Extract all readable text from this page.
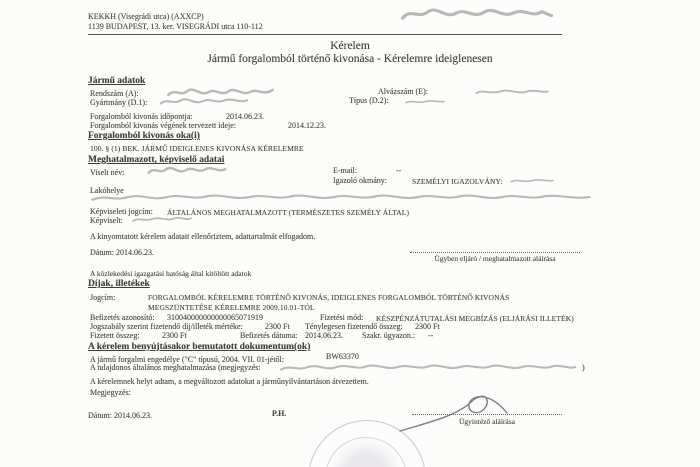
KEKKH (Visegrádi utca) (AXXCP)
1139 BUDAPEST, 13. ker. VISEGRÁDI utca 110-112
Kérelem
Jármű forgalomból történő kivonása - Kérelemre ideiglenesen
Jármű adatok
Rendszám (A):	Alvázszám (E):
Gyártmány (D.1):	Típus (D.2):
Forgalomból kivonás időpontja:	2014.06.23.
Forgalomból kivonás végének tervezett ideje:	2014.12.23.
Forgalomból kivonás oka(i)
100. § (1) BEK. JÁRMŰ IDEIGLENES KIVONÁSA KÉRELEMRE
Meghatalmazott, képviselő adatai
Viselt név:	E-mail:	--
Igazoló okmány:	SZEMÉLYI IGAZOLVÁNY:
Lakóhelye
Képviseleti jogcím: ÁLTALÁNOS MEGHATALMAZOTT (TERMÉSZETES SZEMÉLY ÁLTAL)
Képviselt:
A kinyomtatott kérelem adatait ellenőriztem, adattartalmát elfogadom.
Dátum: 2014.06.23.
Ügyben eljáró / meghatalmazott aláírása
A közlekedési igazgatási hatóság által kitöltött adatok
Díjak, illetékek
Jogcím:	FORGALOMBÓL KÉRELEMRE TÖRTÉNŐ KIVONÁS, IDEIGLENES FORGALOMBÓL TÖRTÉNŐ KIVONÁS
MEGSZÜNTETÉSE KÉRELEMRE 2009.10.01-TÓL
Befizetés azonosító: 310040000000000065071919	Fizetési mód: KÉSZPÉNZÁTUTALÁSI MEGBÍZÁS (ELJÁRÁSI ILLETÉK)
Jogszabály szerint fizetendő díj/illeték mértéke:	2300 Ft Ténylegesen fizetendő összeg: 2300 Ft
Fizetett összeg:	2300 Ft	Befizetés dátuma: 2014.06.23. Szakr. ügyazon.: --
A kérelem benyújtásakor bemutatott dokumentum(ok)
A jármű forgalmi engedélye ("C" típusú, 2004. VII. 01-jétől:	BW63370
A tulajdonos általános meghatalmazása (megjegyzés:	)
A kérelemnek helyt adtam, a megváltozott adatokat a járműnyilvántartáson átvezettem.
Megjegyzés:
Dátum: 2014.06.23.	P.H.
Ügyintéző aláírása
